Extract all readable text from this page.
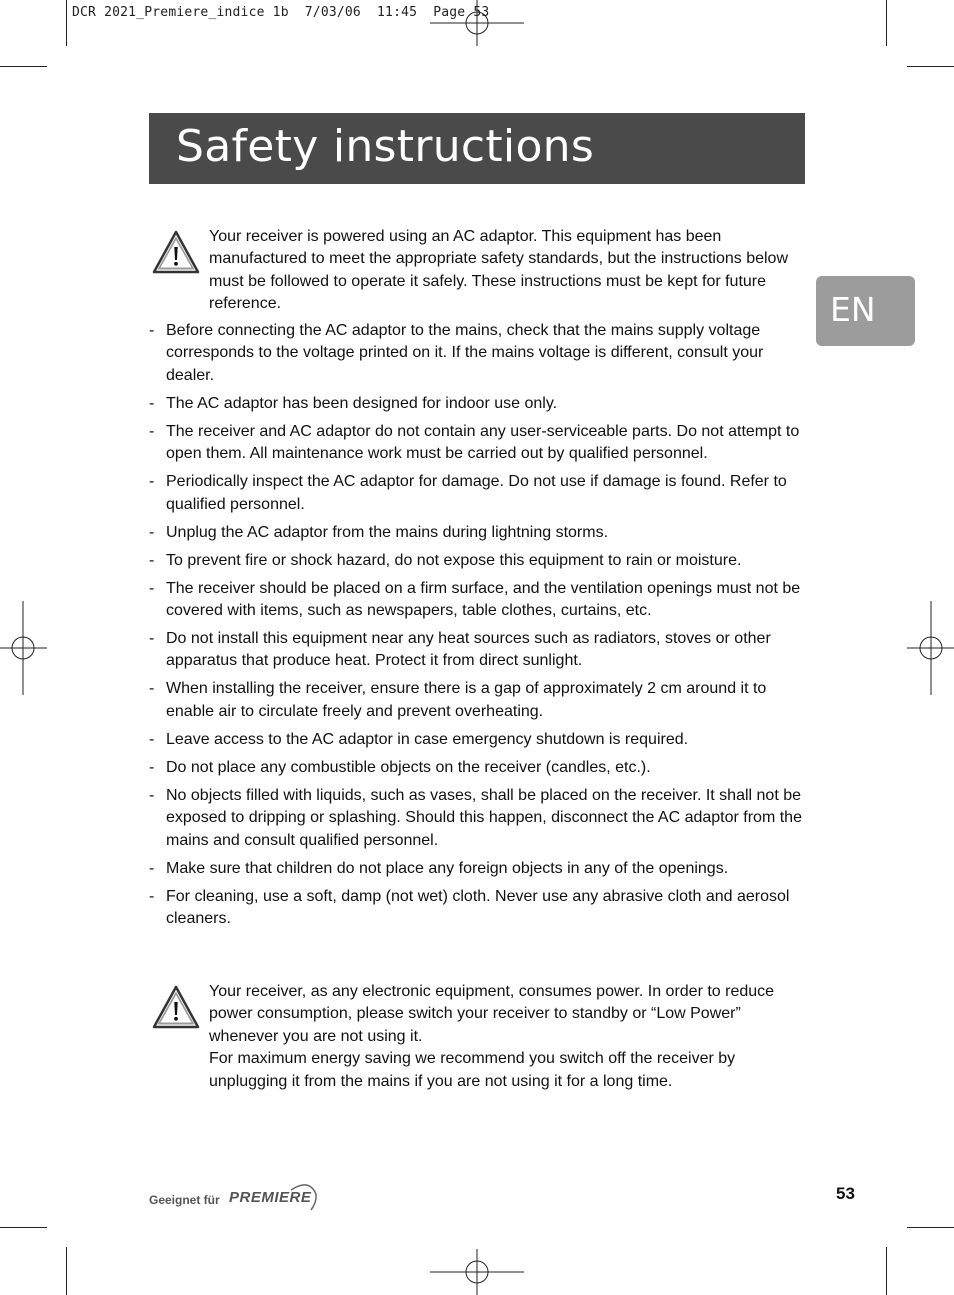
DCR 2021_Premiere_indice 1b  7/03/06  11:45  Page 53
Safety instructions
EN

Your receiver is powered using an AC adaptor. This equipment has been manufactured to meet the appropriate safety standards, but the instructions below must be followed to operate it safely. These instructions must be kept for future reference.

- Before connecting the AC adaptor to the mains, check that the mains supply voltage corresponds to the voltage printed on it. If the mains voltage is different, consult your dealer.
- The AC adaptor has been designed for indoor use only.
- The receiver and AC adaptor do not contain any user-serviceable parts. Do not attempt to open them. All maintenance work must be carried out by qualified personnel.
- Periodically inspect the AC adaptor for damage. Do not use if damage is found. Refer to qualified personnel.
- Unplug the AC adaptor from the mains during lightning storms.
- To prevent fire or shock hazard, do not expose this equipment to rain or moisture.
- The receiver should be placed on a firm surface, and the ventilation openings must not be covered with items, such as newspapers, table clothes, curtains, etc.
- Do not install this equipment near any heat sources such as radiators, stoves or other apparatus that produce heat. Protect it from direct sunlight.
- When installing the receiver, ensure there is a gap of approximately 2 cm around it to enable air to circulate freely and prevent overheating.
- Leave access to the AC adaptor in case emergency shutdown is required.
- Do not place any combustible objects on the receiver (candles, etc.).
- No objects filled with liquids, such as vases, shall be placed on the receiver. It shall not be exposed to dripping or splashing. Should this happen, disconnect the AC adaptor from the mains and consult qualified personnel.
- Make sure that children do not place any foreign objects in any of the openings.
- For cleaning, use a soft, damp (not wet) cloth. Never use any abrasive cloth and aerosol cleaners.

Your receiver, as any electronic equipment, consumes power. In order to reduce power consumption, please switch your receiver to standby or “Low Power” whenever you are not using it.

For maximum energy saving we recommend you switch off the receiver by unplugging it from the mains if you are not using it for a long time.

Geeignet für PREMIERE	53
